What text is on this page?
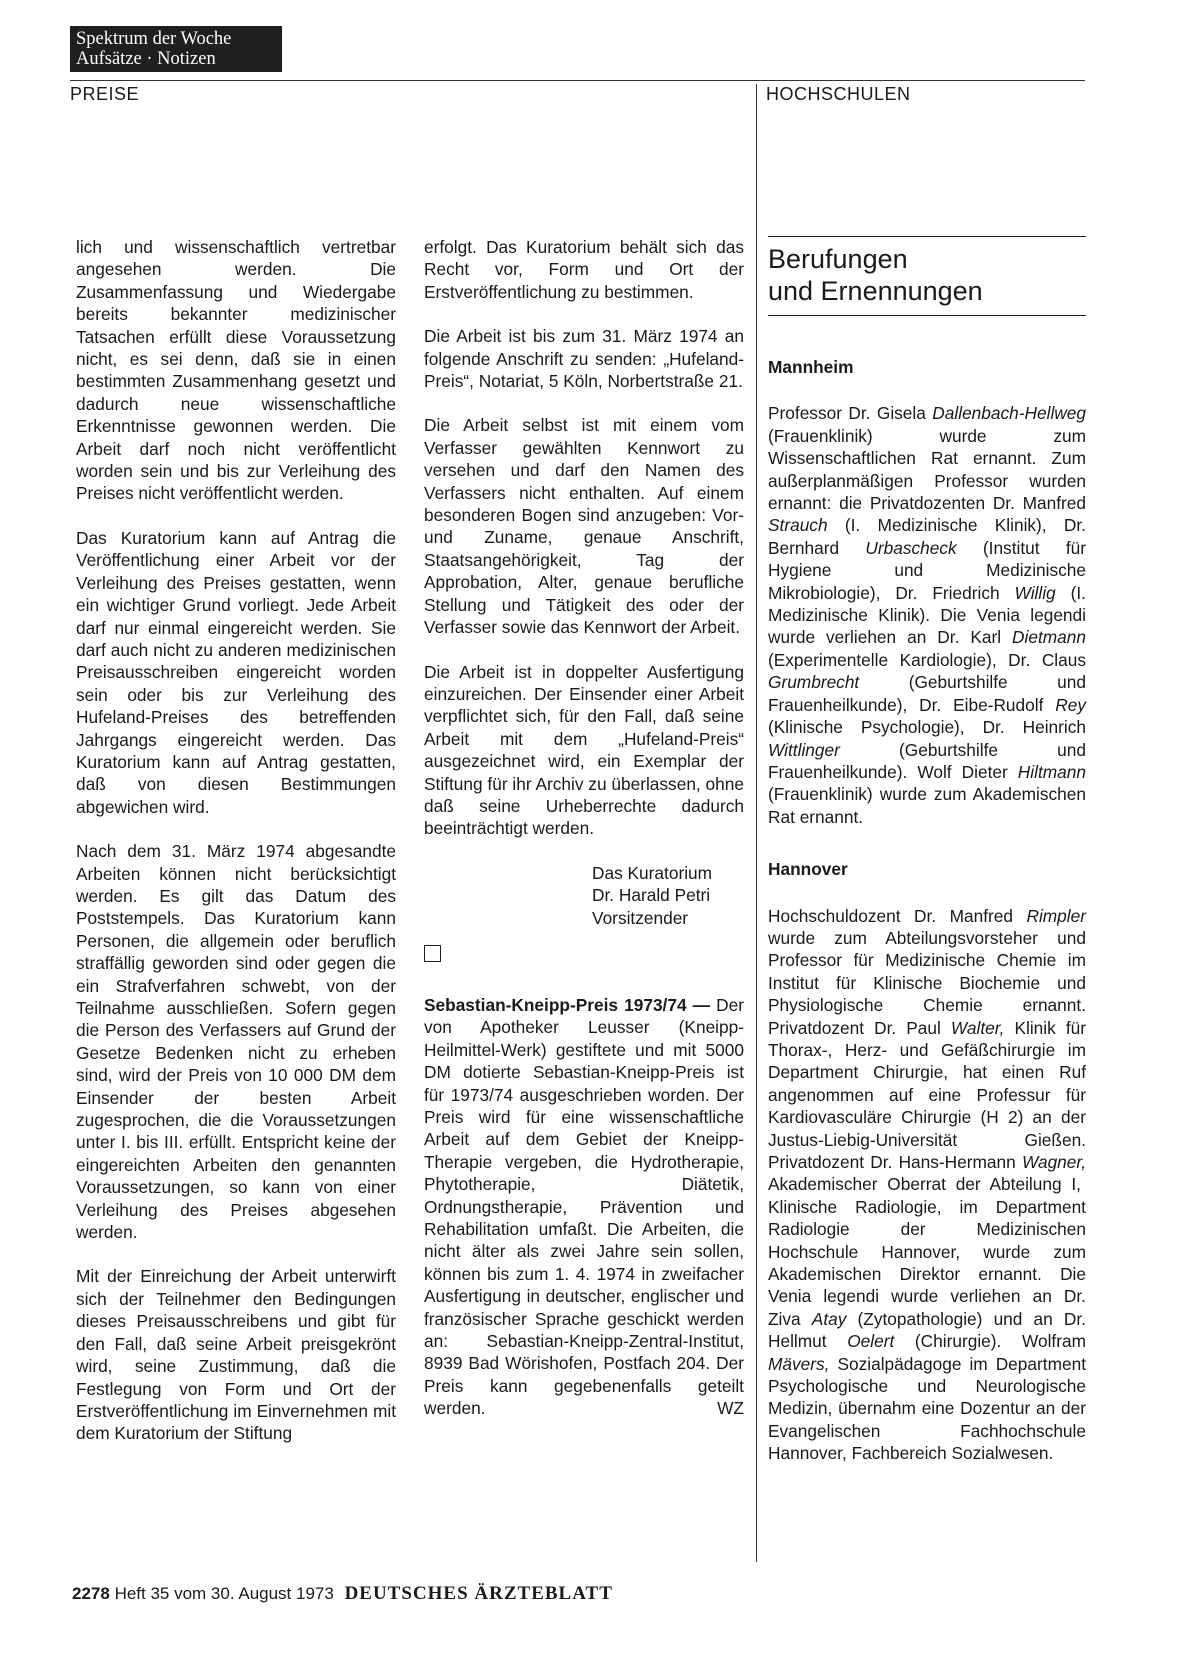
Spektrum der Woche
Aufsätze · Notizen
PREISE	HOCHSCHULEN

lich und wissenschaftlich vertretbar angesehen werden. Die Zusammenfassung und Wiedergabe bereits bekannter medizinischer Tatsachen erfüllt diese Voraussetzung nicht, es sei denn, daß sie in einen bestimmten Zusammenhang gesetzt und dadurch neue wissenschaftliche Erkenntnisse gewonnen werden. Die Arbeit darf noch nicht veröffentlicht worden sein und bis zur Verleihung des Preises nicht veröffentlicht werden.

Das Kuratorium kann auf Antrag die Veröffentlichung einer Arbeit vor der Verleihung des Preises gestatten, wenn ein wichtiger Grund vorliegt. Jede Arbeit darf nur einmal eingereicht werden. Sie darf auch nicht zu anderen medizinischen Preisausschreiben eingereicht worden sein oder bis zur Verleihung des Hufeland-Preises des betreffenden Jahrgangs eingereicht werden. Das Kuratorium kann auf Antrag gestatten, daß von diesen Bestimmungen abgewichen wird.

Nach dem 31. März 1974 abgesandte Arbeiten können nicht berücksichtigt werden. Es gilt das Datum des Poststempels. Das Kuratorium kann Personen, die allgemein oder beruflich straffällig geworden sind oder gegen die ein Strafverfahren schwebt, von der Teilnahme ausschließen. Sofern gegen die Person des Verfassers auf Grund der Gesetze Bedenken nicht zu erheben sind, wird der Preis von 10 000 DM dem Einsender der besten Arbeit zugesprochen, die die Voraussetzungen unter I. bis III. erfüllt. Entspricht keine der eingereichten Arbeiten den genannten Voraussetzungen, so kann von einer Verleihung des Preises abgesehen werden.

Mit der Einreichung der Arbeit unterwirft sich der Teilnehmer den Bedingungen dieses Preisausschreibens und gibt für den Fall, daß seine Arbeit preisgekrönt wird, seine Zustimmung, daß die Festlegung von Form und Ort der Erstveröffentlichung im Einvernehmen mit dem Kuratorium der Stiftung

erfolgt. Das Kuratorium behält sich das Recht vor, Form und Ort der Erstveröffentlichung zu bestimmen.

Die Arbeit ist bis zum 31. März 1974 an folgende Anschrift zu senden: „Hufeland-Preis“, Notariat, 5 Köln, Norbertstraße 21.

Die Arbeit selbst ist mit einem vom Verfasser gewählten Kennwort zu versehen und darf den Namen des Verfassers nicht enthalten. Auf einem besonderen Bogen sind anzugeben: Vor- und Zuname, genaue Anschrift, Staatsangehörigkeit, Tag der Approbation, Alter, genaue berufliche Stellung und Tätigkeit des oder der Verfasser sowie das Kennwort der Arbeit.

Die Arbeit ist in doppelter Ausfertigung einzureichen. Der Einsender einer Arbeit verpflichtet sich, für den Fall, daß seine Arbeit mit dem „Hufeland-Preis“ ausgezeichnet wird, ein Exemplar der Stiftung für ihr Archiv zu überlassen, ohne daß seine Urheberrechte dadurch beeinträchtigt werden.

Das Kuratorium

Dr. Harald Petri

Vorsitzender

Sebastian-Kneipp-Preis 1973/74 — Der von Apotheker Leusser (Kneipp-Heilmittel-Werk) gestiftete und mit 5000 DM dotierte Sebastian-Kneipp-Preis ist für 1973/74 ausgeschrieben worden. Der Preis wird für eine wissenschaftliche Arbeit auf dem Gebiet der Kneipp-Therapie vergeben, die Hydrotherapie, Phytotherapie, Diätetik, Ordnungstherapie, Prävention und Rehabilitation umfaßt. Die Arbeiten, die nicht älter als zwei Jahre sein sollen, können bis zum 1. 4. 1974 in zweifacher Ausfertigung in deutscher, englischer und französischer Sprache geschickt werden an: Sebastian-Kneipp-Zentral-Institut, 8939 Bad Wörishofen, Postfach 204. Der Preis kann gegebenenfalls geteilt werden.	WZ

Berufungen
und Ernennungen

Mannheim

Professor Dr. Gisela Dallenbach-Hellweg (Frauenklinik) wurde zum Wissenschaftlichen Rat ernannt. Zum außerplanmäßigen Professor wurden ernannt: die Privatdozenten Dr. Manfred Strauch (I. Medizinische Klinik), Dr. Bernhard Urbascheck (Institut für Hygiene und Medizinische Mikrobiologie), Dr. Friedrich Willig (I. Medizinische Klinik). Die Venia legendi wurde verliehen an Dr. Karl Dietmann (Experimentelle Kardiologie), Dr. Claus Grumbrecht (Geburtshilfe und Frauenheilkunde), Dr. Eibe-Rudolf Rey (Klinische Psychologie), Dr. Heinrich Wittlinger (Geburtshilfe und Frauenheilkunde). Wolf Dieter Hiltmann (Frauenklinik) wurde zum Akademischen Rat ernannt.

Hannover

Hochschuldozent Dr. Manfred Rimpler wurde zum Abteilungsvorsteher und Professor für Medizinische Chemie im Institut für Klinische Biochemie und Physiologische Chemie ernannt. Privatdozent Dr. Paul Walter, Klinik für Thorax-, Herz- und Gefäßchirurgie im Department Chirurgie, hat einen Ruf angenommen auf eine Professur für Kardiovasculäre Chirurgie (H 2) an der Justus-Liebig-Universität Gießen. Privatdozent Dr. Hans-Hermann Wagner, Akademischer Oberrat der Abteilung I, Klinische Radiologie, im Department Radiologie der Medizinischen Hochschule Hannover, wurde zum Akademischen Direktor ernannt. Die Venia legendi wurde verliehen an Dr. Ziva Atay (Zytopathologie) und an Dr. Hellmut Oelert (Chirurgie). Wolfram Mävers, Sozialpädagoge im Department Psychologische und Neurologische Medizin, übernahm eine Dozentur an der Evangelischen Fachhochschule Hannover, Fachbereich Sozialwesen.

2278 Heft 35 vom 30. August 1973 DEUTSCHES ÄRZTEBLATT
